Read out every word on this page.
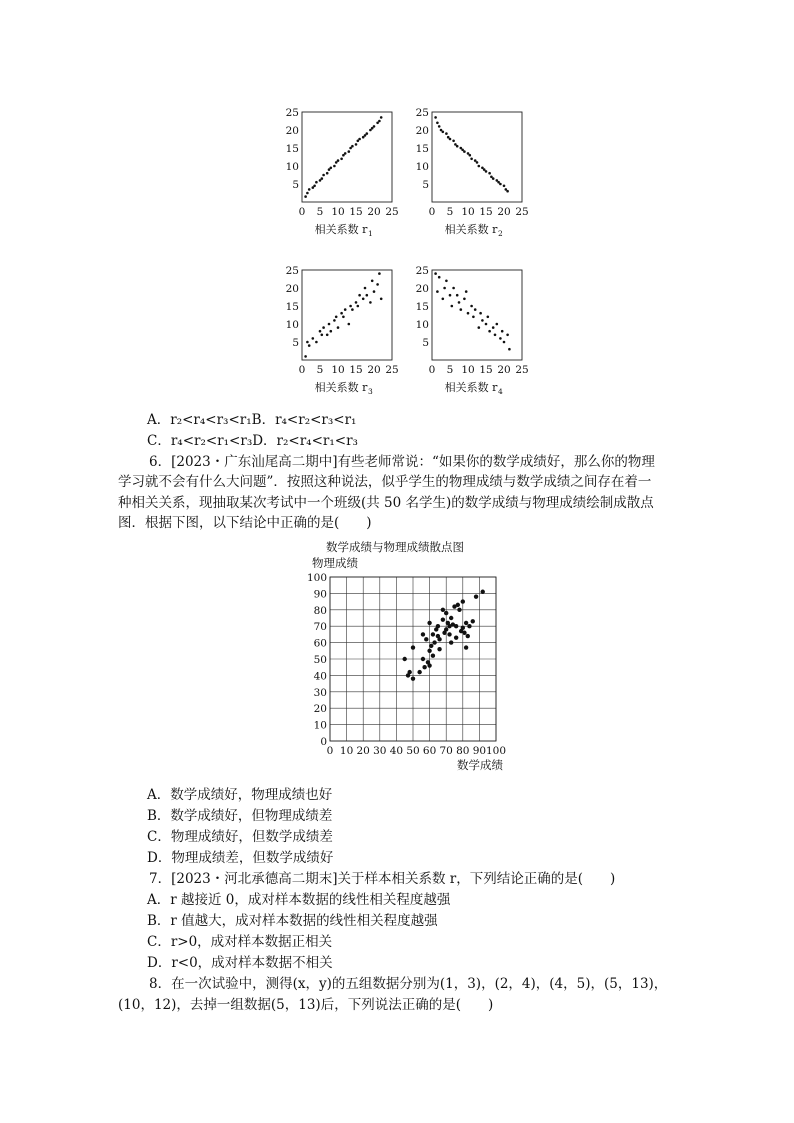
5
10
15
20
25
0 5 10 15 20 25
相关系数 r 1
5
10
15
20
25
0 5 10 15 20 25
相关系数 r 2
5
10
15
20
25
0 5 10 15 20 25
相关系数 r 3
5
10
15
20
25
0 5 10 15 20 25
相关系数 r 4
A．r₂<r₄<r₃<r₁B．r₄<r₂<r₃<r₁
C．r₄<r₂<r₁<r₃D．r₂<r₄<r₁<r₃
6．[2023・广东汕尾高二期中]有些老师常说：“如果你的数学成绩好，那么你的物理
学习就不会有什么大问题”．按照这种说法，似乎学生的物理成绩与数学成绩之间存在着一
种相关关系，现抽取某次考试中一个班级(共 50 名学生)的数学成绩与物理成绩绘制成散点
图．根据下图，以下结论中正确的是(　　)
数学成绩与物理成绩散点图
物理成绩
0
10
20
30
40
50
60
70
80
90
100
0 10 20 30 40 50 60 70 80 90 100
数学成绩
A．数学成绩好，物理成绩也好
B．数学成绩好，但物理成绩差
C．物理成绩好，但数学成绩差
D．物理成绩差，但数学成绩好
7．[2023・河北承德高二期末]关于样本相关系数 r，下列结论正确的是(　　)
A．r 越接近 0，成对样本数据的线性相关程度越强
B．r 值越大，成对样本数据的线性相关程度越强
C．r>0，成对样本数据正相关
D．r<0，成对样本数据不相关
8．在一次试验中，测得(x，y)的五组数据分别为(1，3)，(2，4)，(4，5)，(5，13)，
(10，12)，去掉一组数据(5，13)后，下列说法正确的是(　　)
